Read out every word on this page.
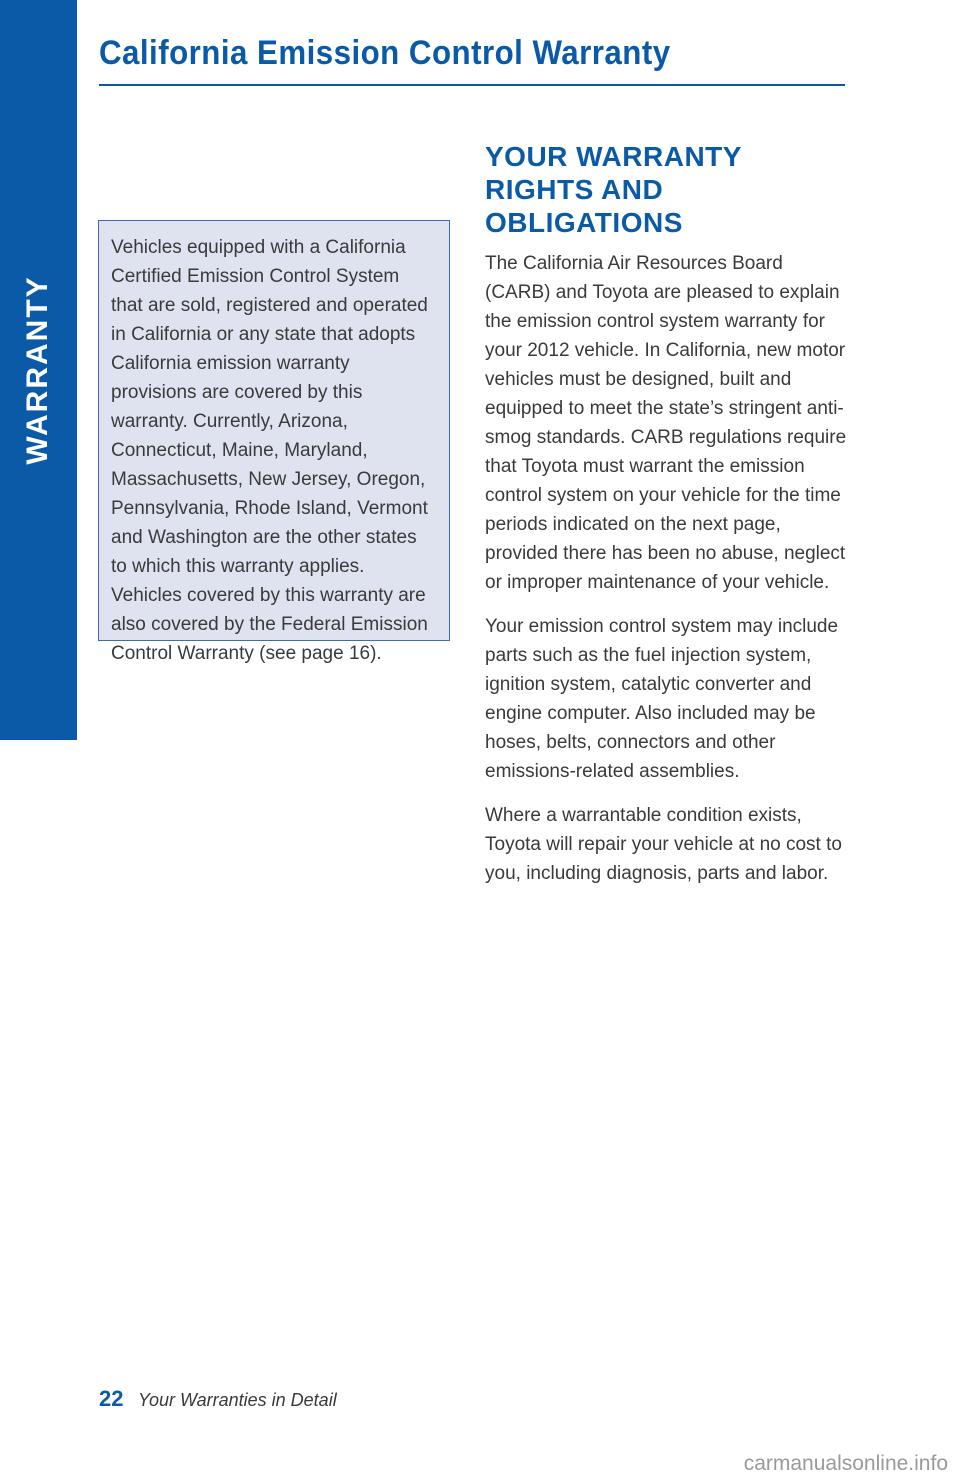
WARRANTY
California Emission Control Warranty

Vehicles equipped with a California Certified Emission Control System that are sold, registered and operated in California or any state that adopts California emission warranty provisions are covered by this warranty. Currently, Arizona, Connecticut, Maine, Maryland, Massachusetts, New Jersey, Oregon, Pennsylvania, Rhode Island, Vermont and Washington are the other states to which this warranty applies. Vehicles covered by this warranty are also covered by the Federal Emission Control Warranty (see page 16).

YOUR WARRANTY RIGHTS AND OBLIGATIONS

The California Air Resources Board (CARB) and Toyota are pleased to explain the emission control system warranty for your 2012 vehicle. In California, new motor vehicles must be designed, built and equipped to meet the state’s stringent anti-smog standards. CARB regulations require that Toyota must warrant the emission control system on your vehicle for the time periods indicated on the next page, provided there has been no abuse, neglect or improper maintenance of your vehicle.

Your emission control system may include parts such as the fuel injection system, ignition system, catalytic converter and engine computer. Also included may be hoses, belts, connectors and other emissions-related assemblies.

Where a warrantable condition exists, Toyota will repair your vehicle at no cost to you, including diagnosis, parts and labor.

22 Your Warranties in Detail
carmanualsonline.info
